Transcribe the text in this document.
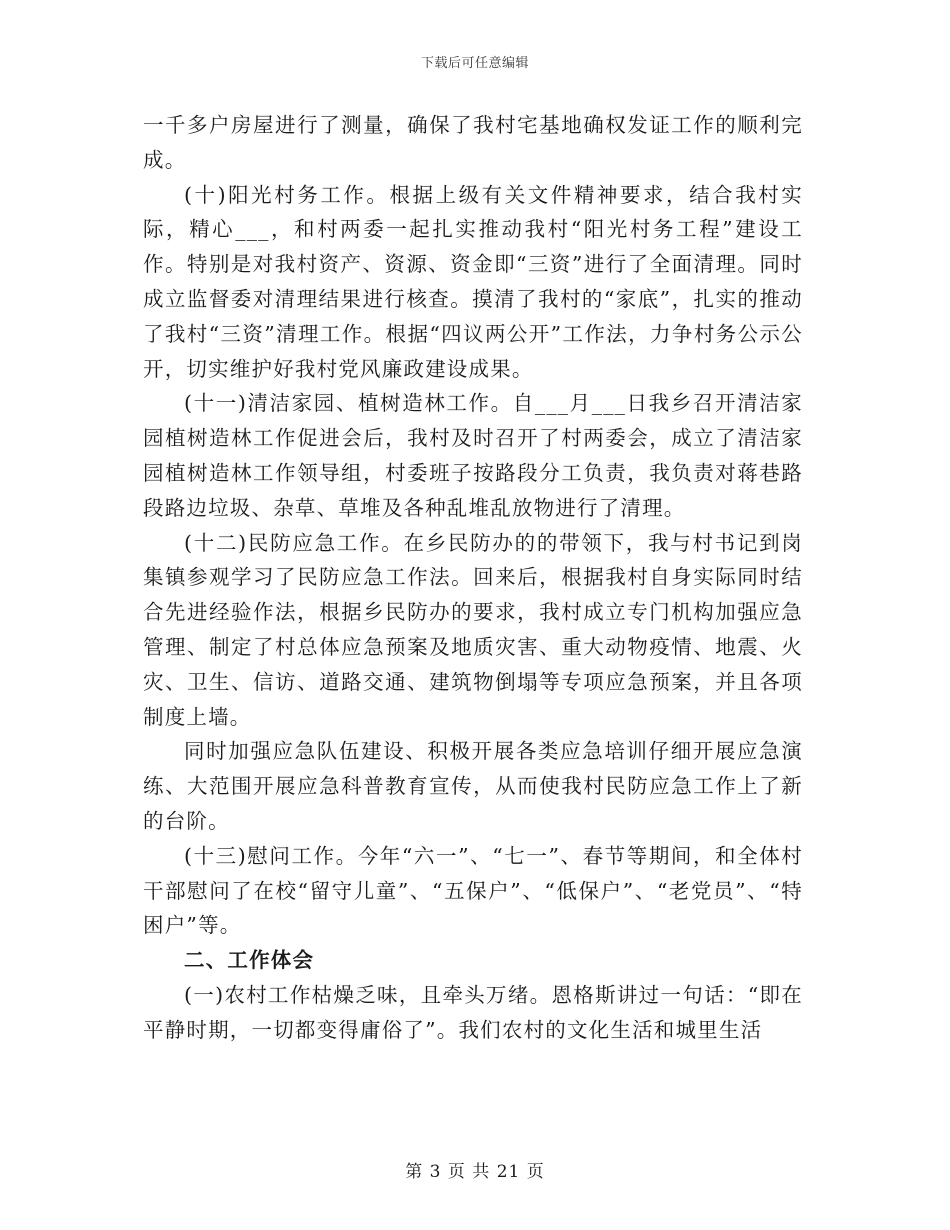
下载后可任意编辑

一千多户房屋进行了测量，确保了我村宅基地确权发证工作的顺利完成。

(十)阳光村务工作。根据上级有关文件精神要求，结合我村实际，精心___，和村两委一起扎实推动我村“阳光村务工程”建设工作。特别是对我村资产、资源、资金即“三资”进行了全面清理。同时成立监督委对清理结果进行核查。摸清了我村的“家底”，扎实的推动了我村“三资”清理工作。根据“四议两公开”工作法，力争村务公示公开，切实维护好我村党风廉政建设成果。

(十一)清洁家园、植树造林工作。自___月___日我乡召开清洁家园植树造林工作促进会后，我村及时召开了村两委会，成立了清洁家园植树造林工作领导组，村委班子按路段分工负责，我负责对蒋巷路段路边垃圾、杂草、草堆及各种乱堆乱放物进行了清理。

(十二)民防应急工作。在乡民防办的的带领下，我与村书记到岗集镇参观学习了民防应急工作法。回来后，根据我村自身实际同时结合先进经验作法，根据乡民防办的要求，我村成立专门机构加强应急管理、制定了村总体应急预案及地质灾害、重大动物疫情、地震、火灾、卫生、信访、道路交通、建筑物倒塌等专项应急预案，并且各项制度上墙。

同时加强应急队伍建设、积极开展各类应急培训仔细开展应急演练、大范围开展应急科普教育宣传，从而使我村民防应急工作上了新的台阶。

(十三)慰问工作。今年“六一”、“七一”、春节等期间，和全体村干部慰问了在校“留守儿童”、“五保户”、“低保户”、“老党员”、“特困户”等。

二、工作体会

(一)农村工作枯燥乏味，且牵头万绪。恩格斯讲过一句话：“即在平静时期，一切都变得庸俗了”。我们农村的文化生活和城里生活

第 3 页 共 21 页
